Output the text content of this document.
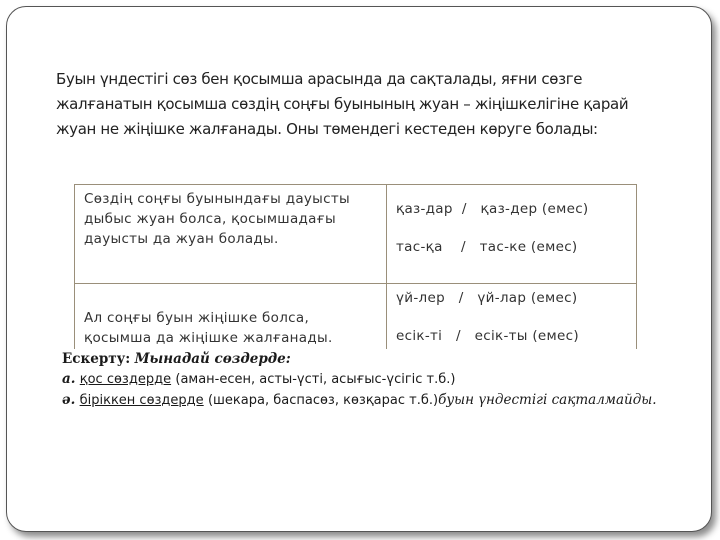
Буын үндестігі сөз бен қосымша арасында да сақталады, яғни сөзге жалғанатын қосымша сөздің соңғы буынының жуан – жіңішкелігіне қарай жуан не жіңішке жалғанады. Оны төмендегі кестеден көруге болады:

Сөздің соңғы буынындағы дауысты дыбыс жуан болса, қосымшадағы дауысты да жуан болады.	қаз-дар  /   қаз-дер (емес)
тас-қа    /   тас-ке (емес)

Ал соңғы буын жіңішке болса, қосымша да жіңішке жалғанады.	үй-лер   /   үй-лар (емес)
есік-ті   /   есік-ты (емес)
Ескерту: Мынадай сөздерде:
а. қос сөздерде (аман-есен, асты-үсті, асығыс-үсігіс т.б.)
ә. біріккен сөздерде (шекара, баспасөз, көзқарас т.б.)буын үндестігі сақталмайды.
